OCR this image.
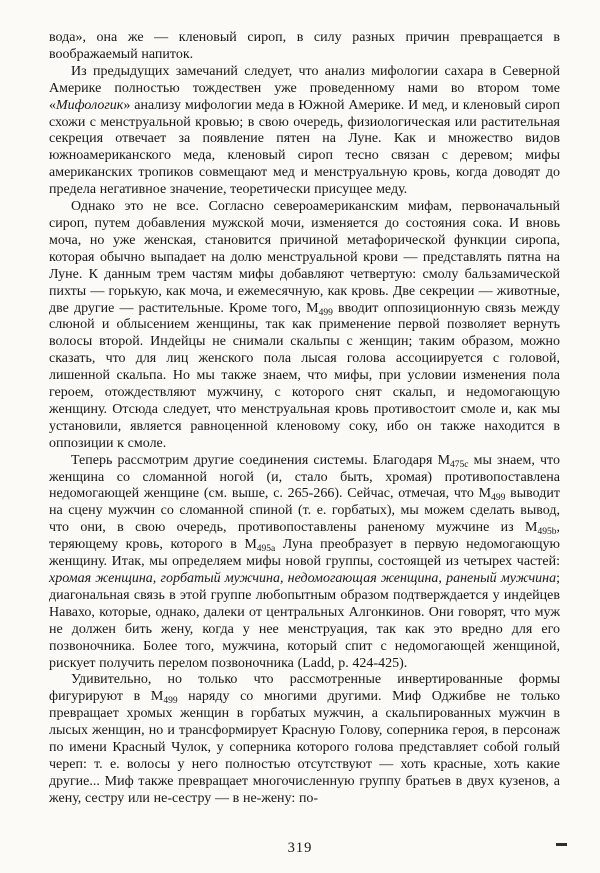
вода», она же — кленовый сироп, в силу разных причин превращается в воображаемый напиток.

Из предыдущих замечаний следует, что анализ мифологии сахара в Северной Америке полностью тождествен уже проведенному нами во втором томе «Мифологик» анализу мифологии меда в Южной Америке. И мед, и кленовый сироп схожи с менструальной кровью; в свою очередь, физиологическая или растительная секреция отвечает за появление пятен на Луне. Как и множество видов южноамериканского меда, кленовый сироп тесно связан с деревом; мифы американских тропиков совмещают мед и менструальную кровь, когда доводят до предела негативное значение, теоретически присущее меду.

Однако это не все. Согласно североамериканским мифам, первоначальный сироп, путем добавления мужской мочи, изменяется до состояния сока. И вновь моча, но уже женская, становится причиной метафорической функции сиропа, которая обычно выпадает на долю менструальной крови — представлять пятна на Луне. К данным трем частям мифы добавляют четвертую: смолу бальзамической пихты — горькую, как моча, и ежемесячную, как кровь. Две секреции — животные, две другие — растительные. Кроме того, $М_{499}$ вводит оппозиционную связь между слюной и облысением женщины, так как применение первой позволяет вернуть волосы второй. Индейцы не снимали скальпы с женщин; таким образом, можно сказать, что для лиц женского пола лысая голова ассоциируется с головой, лишенной скальпа. Но мы также знаем, что мифы, при условии изменения пола героем, отождествляют мужчину, с которого снят скальп, и недомогающую женщину. Отсюда следует, что менструальная кровь противостоит смоле и, как мы установили, является равноценной кленовому соку, ибо он также находится в оппозиции к смоле.

Теперь рассмотрим другие соединения системы. Благодаря $М_{475c}$ мы знаем, что женщина со сломанной ногой (и, стало быть, хромая) противопоставлена недомогающей женщине (см. выше, с. 265-266). Сейчас, отмечая, что $М_{499}$ выводит на сцену мужчин со сломанной спиной (т. е. горбатых), мы можем сделать вывод, что они, в свою очередь, противопоставлены раненому мужчине из $М_{495b}$, теряющему кровь, которого в $М_{495a}$ Луна преобразует в первую недомогающую женщину. Итак, мы определяем мифы новой группы, состоящей из четырех частей: хромая женщина, горбатый мужчина, недомогающая женщина, раненый мужчина; диагональная связь в этой группе любопытным образом подтверждается у индейцев Навахо, которые, однако, далеки от центральных Алгонкинов. Они говорят, что муж не должен бить жену, когда у нее менструация, так как это вредно для его позвоночника. Более того, мужчина, который спит с недомогающей женщиной, рискует получить перелом позвоночника (Ladd, p. 424-425).

Удивительно, но только что рассмотренные инвертированные формы фигурируют в $М_{499}$ наряду со многими другими. Миф Оджибве не только превращает хромых женщин в горбатых мужчин, а скальпированных мужчин в лысых женщин, но и трансформирует Красную Голову, соперника героя, в персонаж по имени Красный Чулок, у соперника которого голова представляет собой голый череп: т. е. волосы у него полностью отсутствуют — хоть красные, хоть какие другие... Миф также превращает многочисленную группу братьев в двух кузенов, а жену, сестру или не-сестру — в не-жену: по-

319
